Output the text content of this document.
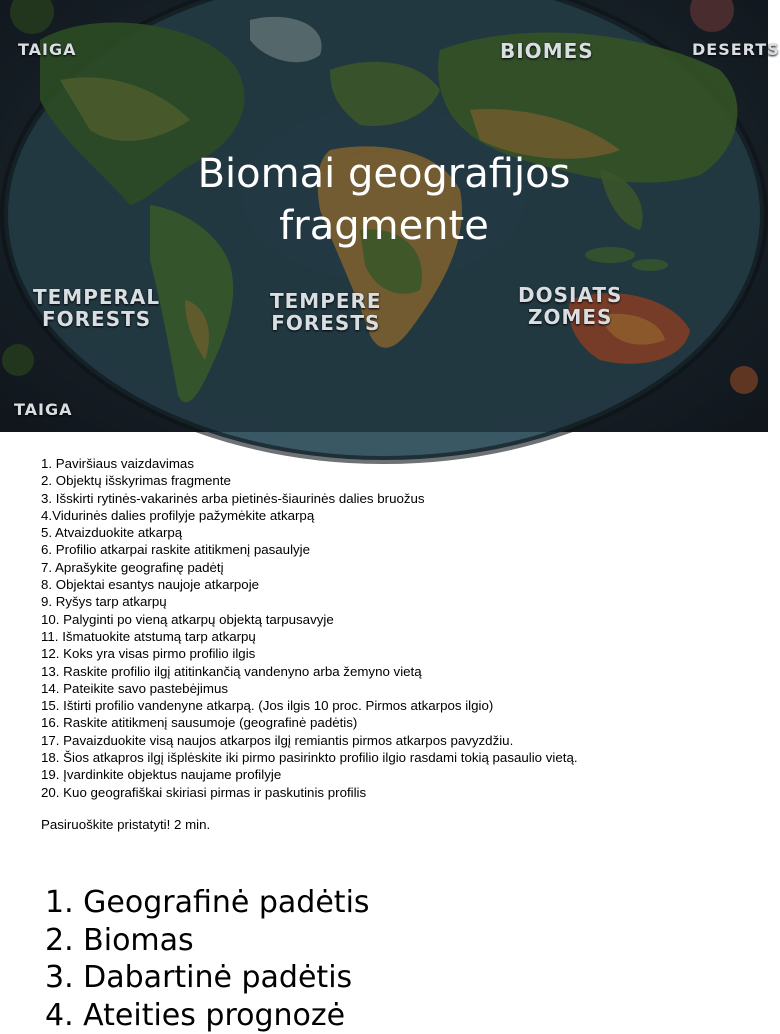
TAIGA	BIOMES	DESERTS
TEMPERAL
FORESTS
TEMPERE
FORESTS
DOSIATS
ZOMES
TAIGA
Biomai geografijos
fragmente
1. Paviršiaus vaizdavimas
2. Objektų išskyrimas fragmente
3. Išskirti rytinės-vakarinės arba pietinės-šiaurinės dalies bruožus
4.Vidurinės dalies profilyje pažymėkite atkarpą
5. Atvaizduokite atkarpą
6. Profilio atkarpai raskite atitikmenį pasaulyje
7. Aprašykite geografinę padėtį
8. Objektai esantys naujoje atkarpoje
9. Ryšys tarp atkarpų
10. Palyginti po vieną atkarpų objektą tarpusavyje
11. Išmatuokite atstumą tarp atkarpų
12. Koks yra visas pirmo profilio ilgis
13. Raskite profilio ilgį atitinkančią vandenyno arba žemyno vietą
14. Pateikite savo pastebėjimus
15. Ištirti profilio vandenyne atkarpą. (Jos ilgis 10 proc. Pirmos atkarpos ilgio)
16. Raskite atitikmenį sausumoje (geografinė padėtis)
17. Pavaizduokite visą naujos atkarpos ilgį remiantis pirmos atkarpos pavyzdžiu.
18. Šios atkapros ilgį išplėskite iki pirmo pasirinkto profilio ilgio rasdami tokią pasaulio vietą.
19. Įvardinkite objektus naujame profilyje
20. Kuo geografiškai skiriasi pirmas ir paskutinis profilis
Pasiruoškite pristatyti! 2 min.
1. Geografinė padėtis
2. Biomas
3. Dabartinė padėtis
4. Ateities prognozė
